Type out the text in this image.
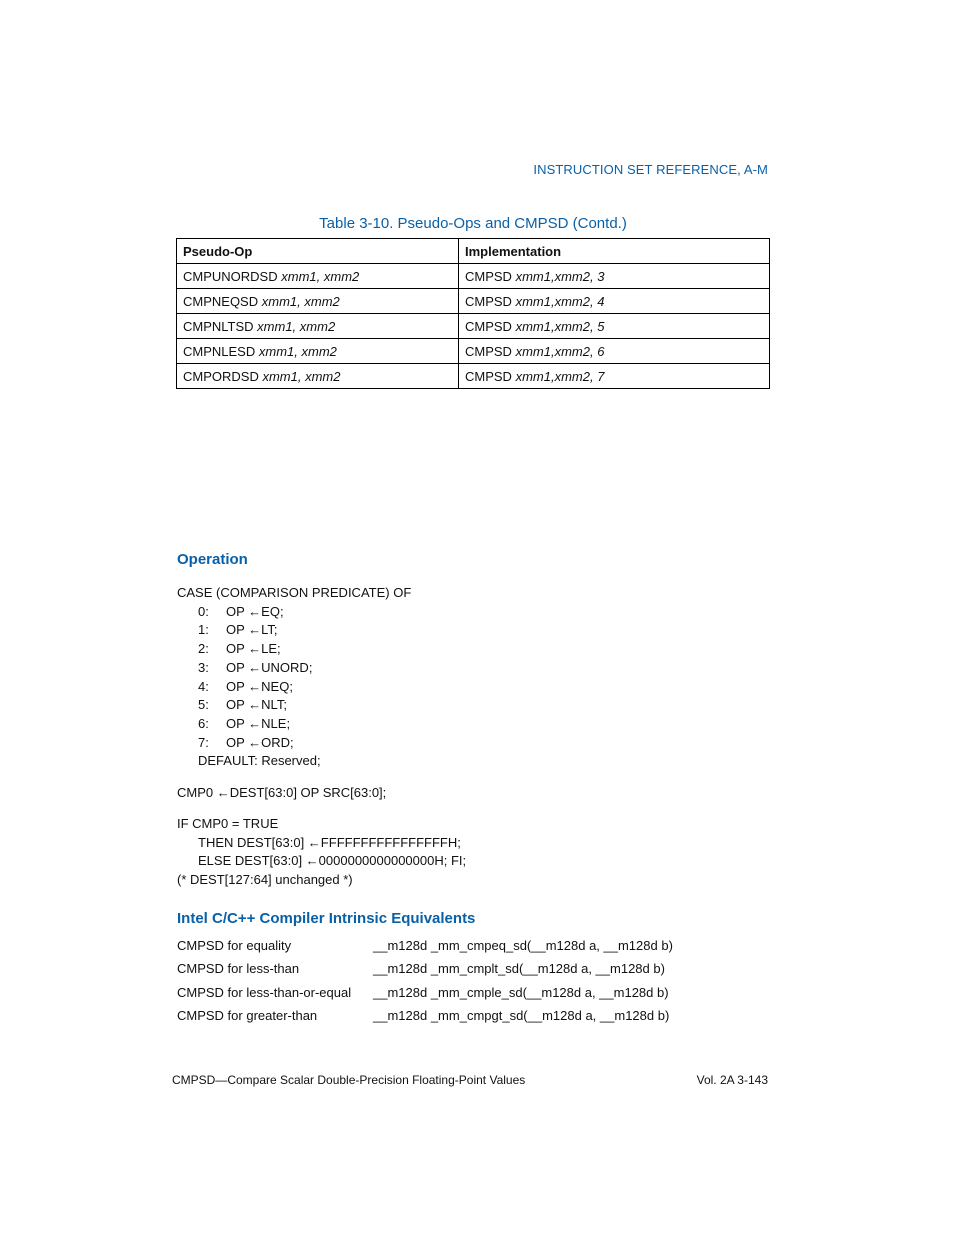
INSTRUCTION SET REFERENCE, A-M
Table 3-10. Pseudo-Ops and CMPSD (Contd.)
Pseudo-Op	Implementation
CMPUNORDSD xmm1, xmm2	CMPSD xmm1,xmm2, 3
CMPNEQSD xmm1, xmm2	CMPSD xmm1,xmm2, 4
CMPNLTSD xmm1, xmm2	CMPSD xmm1,xmm2, 5
CMPNLESD xmm1, xmm2	CMPSD xmm1,xmm2, 6
CMPORDSD xmm1, xmm2	CMPSD xmm1,xmm2, 7
Operation
CASE (COMPARISON PREDICATE) OF
0: OP ←EQ;
1: OP ←LT;
2: OP ←LE;
3: OP ←UNORD;
4: OP ←NEQ;
5: OP ←NLT;
6: OP ←NLE;
7: OP ←ORD;
DEFAULT: Reserved;
CMP0 ←DEST[63:0] OP SRC[63:0];
IF CMP0 = TRUE
THEN DEST[63:0] ←FFFFFFFFFFFFFFFFH;
ELSE DEST[63:0] ←0000000000000000H; FI;
(* DEST[127:64] unchanged *)
Intel C/C++ Compiler Intrinsic Equivalents
CMPSD for equality	__m128d _mm_cmpeq_sd(__m128d a, __m128d b)
CMPSD for less-than	__m128d _mm_cmplt_sd(__m128d a, __m128d b)
CMPSD for less-than-or-equal __m128d _mm_cmple_sd(__m128d a, __m128d b)
CMPSD for greater-than	__m128d _mm_cmpgt_sd(__m128d a, __m128d b)
CMPSD—Compare Scalar Double-Precision Floating-Point Values	Vol. 2A 3-143
